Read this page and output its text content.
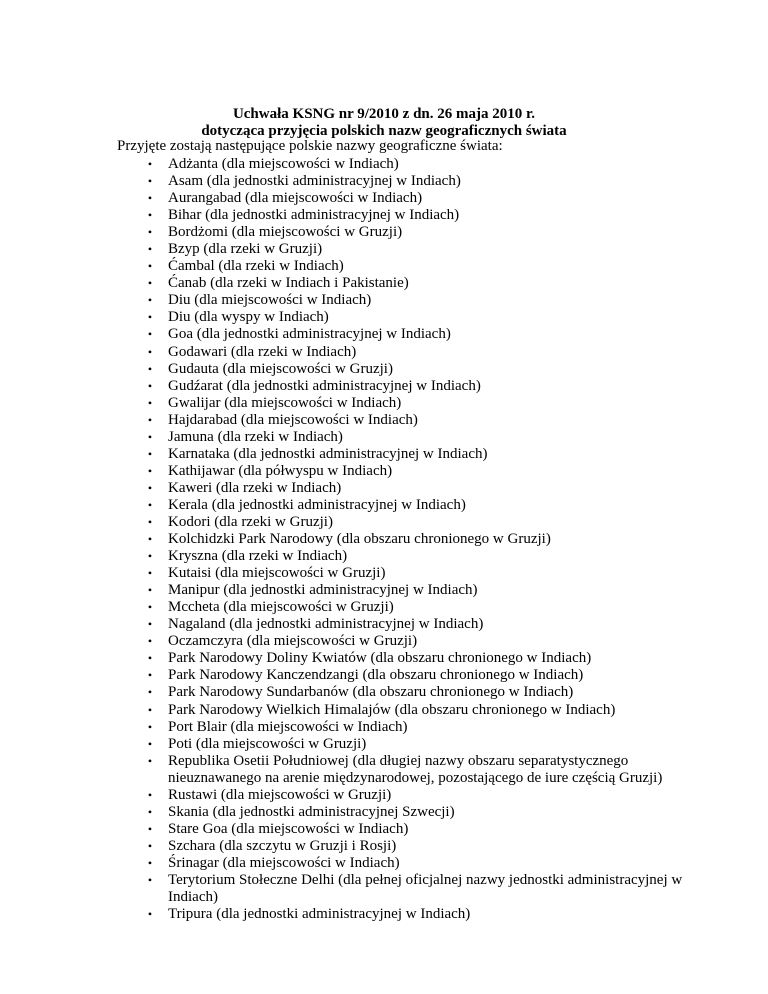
Uchwała KSNG nr 9/2010 z dn. 26 maja 2010 r.
dotycząca przyjęcia polskich nazw geograficznych świata
Przyjęte zostają następujące polskie nazwy geograficzne świata:
• Adżanta (dla miejscowości w Indiach)
• Asam (dla jednostki administracyjnej w Indiach)
• Aurangabad (dla miejscowości w Indiach)
• Bihar (dla jednostki administracyjnej w Indiach)
• Bordżomi (dla miejscowości w Gruzji)
• Bzyp (dla rzeki w Gruzji)
• Ćambal (dla rzeki w Indiach)
• Ćanab (dla rzeki w Indiach i Pakistanie)
• Diu (dla miejscowości w Indiach)
• Diu (dla wyspy w Indiach)
• Goa (dla jednostki administracyjnej w Indiach)
• Godawari (dla rzeki w Indiach)
• Gudauta (dla miejscowości w Gruzji)
• Gudźarat (dla jednostki administracyjnej w Indiach)
• Gwalijar (dla miejscowości w Indiach)
• Hajdarabad (dla miejscowości w Indiach)
• Jamuna (dla rzeki w Indiach)
• Karnataka (dla jednostki administracyjnej w Indiach)
• Kathijawar (dla półwyspu w Indiach)
• Kaweri (dla rzeki w Indiach)
• Kerala (dla jednostki administracyjnej w Indiach)
• Kodori (dla rzeki w Gruzji)
• Kolchidzki Park Narodowy (dla obszaru chronionego w Gruzji)
• Kryszna (dla rzeki w Indiach)
• Kutaisi (dla miejscowości w Gruzji)
• Manipur (dla jednostki administracyjnej w Indiach)
• Mccheta (dla miejscowości w Gruzji)
• Nagaland (dla jednostki administracyjnej w Indiach)
• Oczamczyra (dla miejscowości w Gruzji)
• Park Narodowy Doliny Kwiatów (dla obszaru chronionego w Indiach)
• Park Narodowy Kanczendzangi (dla obszaru chronionego w Indiach)
• Park Narodowy Sundarbanów (dla obszaru chronionego w Indiach)
• Park Narodowy Wielkich Himalajów (dla obszaru chronionego w Indiach)
• Port Blair (dla miejscowości w Indiach)
• Poti (dla miejscowości w Gruzji)
• Republika Osetii Południowej (dla długiej nazwy obszaru separatystycznego nieuznawanego na arenie międzynarodowej, pozostającego de iure częścią Gruzji)
• Rustawi (dla miejscowości w Gruzji)
• Skania (dla jednostki administracyjnej Szwecji)
• Stare Goa (dla miejscowości w Indiach)
• Szchara (dla szczytu w Gruzji i Rosji)
• Śrinagar (dla miejscowości w Indiach)
• Terytorium Stołeczne Delhi (dla pełnej oficjalnej nazwy jednostki administracyjnej w Indiach)
• Tripura (dla jednostki administracyjnej w Indiach)
